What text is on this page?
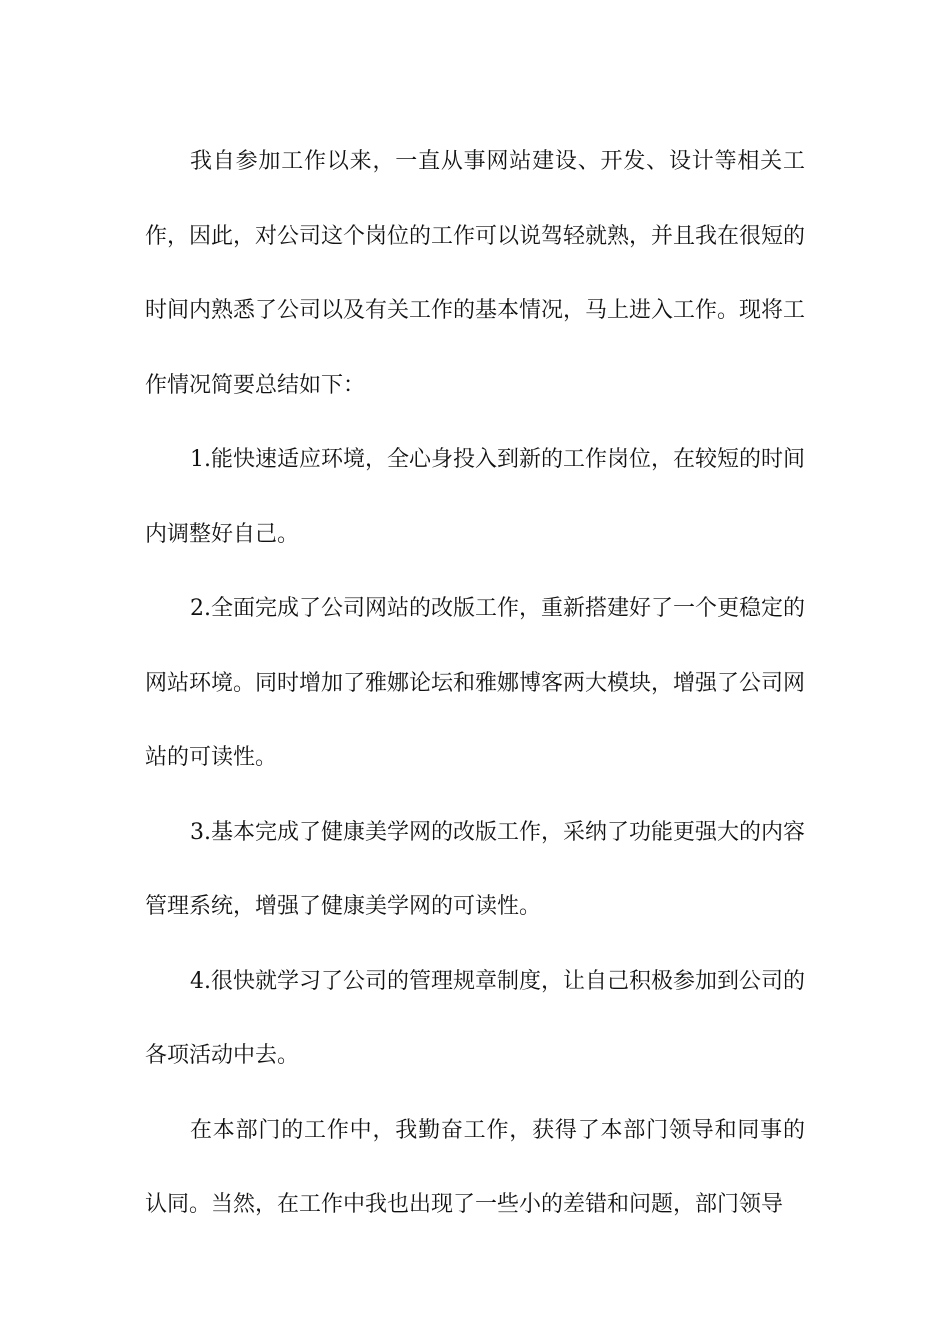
我自参加工作以来，一直从事网站建设、开发、设计等相关工作，因此，对公司这个岗位的工作可以说驾轻就熟，并且我在很短的时间内熟悉了公司以及有关工作的基本情况，马上进入工作。现将工作情况简要总结如下：

1.能快速适应环境，全心身投入到新的工作岗位，在较短的时间内调整好自己。

2.全面完成了公司网站的改版工作，重新搭建好了一个更稳定的网站环境。同时增加了雅娜论坛和雅娜博客两大模块，增强了公司网站的可读性。

3.基本完成了健康美学网的改版工作，采纳了功能更强大的内容管理系统，增强了健康美学网的可读性。

4.很快就学习了公司的管理规章制度，让自己积极参加到公司的各项活动中去。

在本部门的工作中，我勤奋工作，获得了本部门领导和同事的认同。当然，在工作中我也出现了一些小的差错和问题，部门领导
